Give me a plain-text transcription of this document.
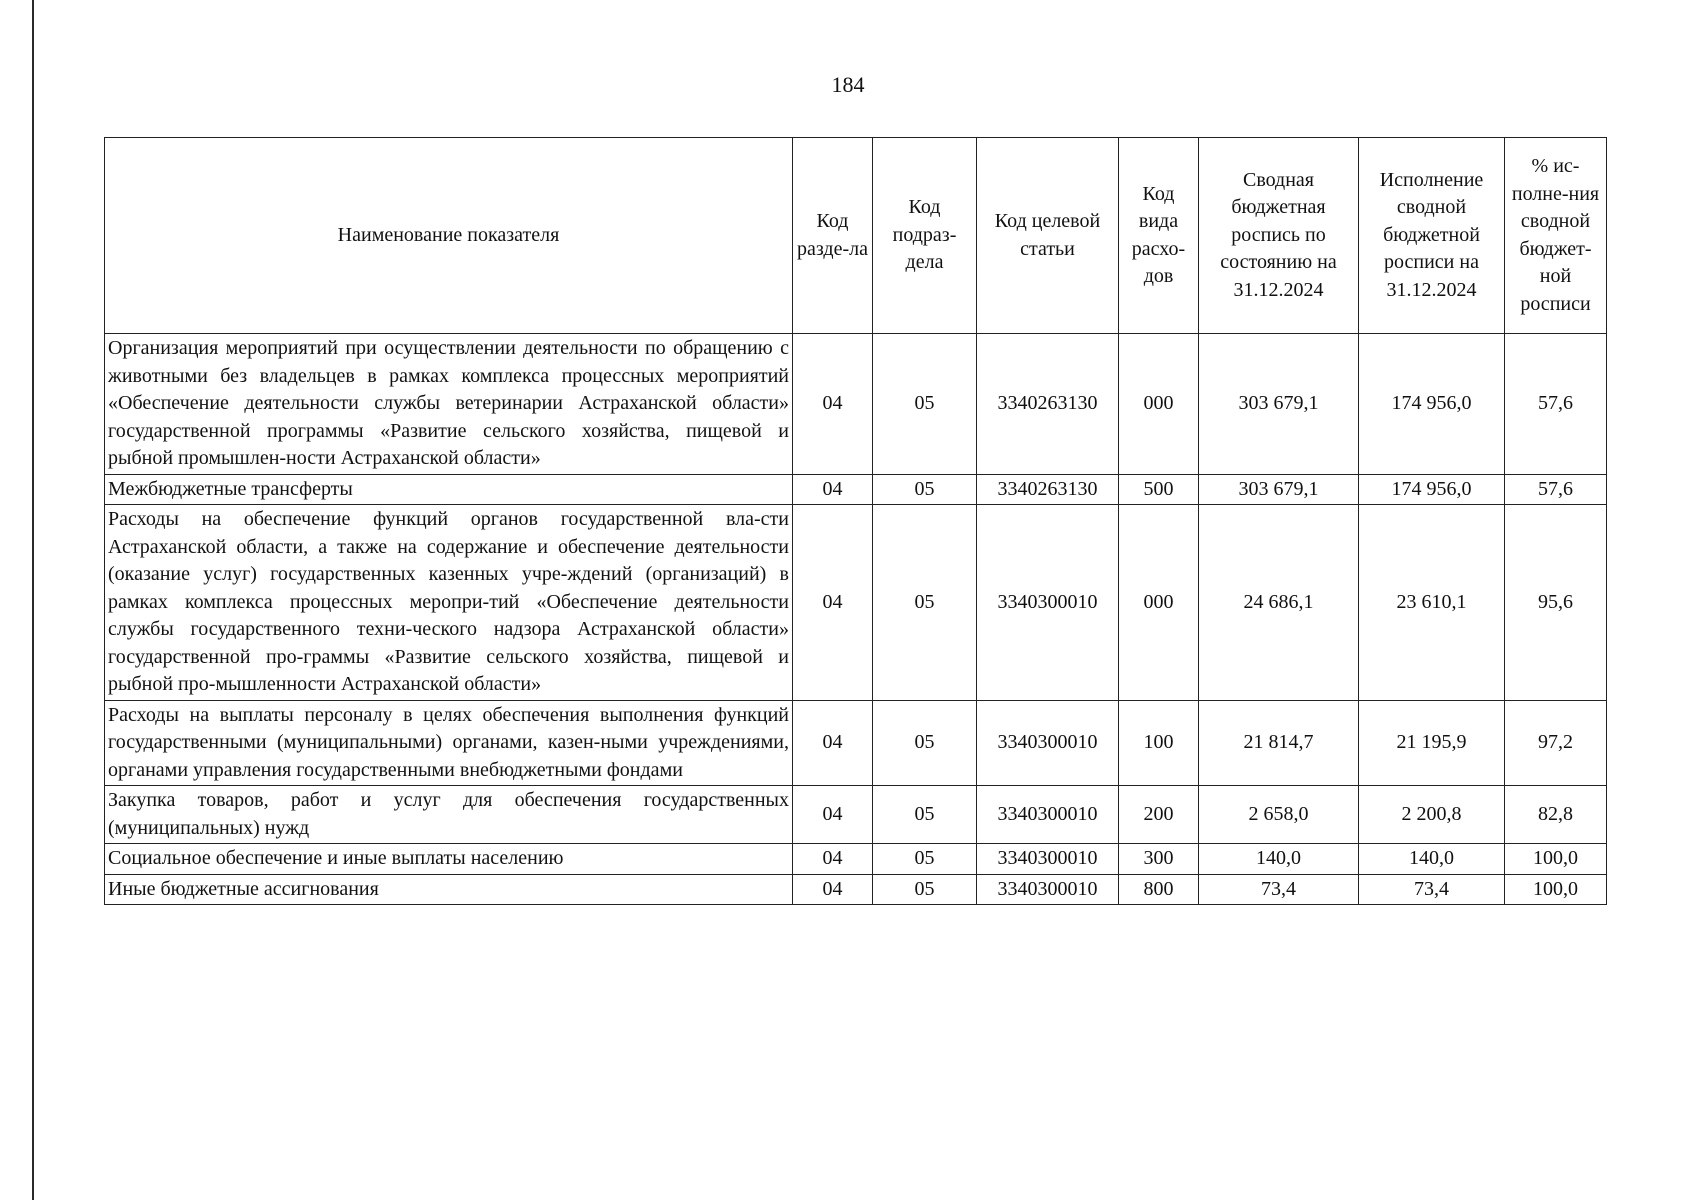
184
Наименование показателя	Код разде-ла	Код подраз-дела	Код целевой статьи	Код вида расхо-дов	Сводная бюджетная роспись по состоянию на 31.12.2024	Исполнение сводной бюджетной росписи на 31.12.2024	% ис-полне-ния сводной бюджет-ной росписи
Организация мероприятий при осуществлении деятельности по обращению с животными без владельцев в рамках комплекса процессных мероприятий «Обеспечение деятельности службы ветеринарии Астраханской области» государственной программы «Развитие сельского хозяйства, пищевой и рыбной промышлен-ности Астраханской области»	04	05	3340263130	000	303 679,1	174 956,0	57,6
Межбюджетные трансферты	04	05	3340263130	500	303 679,1	174 956,0	57,6
Расходы на обеспечение функций органов государственной вла-сти Астраханской области, а также на содержание и обеспечение деятельности (оказание услуг) государственных казенных учре-ждений (организаций) в рамках комплекса процессных меропри-тий «Обеспечение деятельности службы государственного техни-ческого надзора Астраханской области» государственной про-граммы «Развитие сельского хозяйства, пищевой и рыбной про-мышленности Астраханской области»	04	05	3340300010	000	24 686,1	23 610,1	95,6
Расходы на выплаты персоналу в целях обеспечения выполнения функций государственными (муниципальными) органами, казен-ными учреждениями, органами управления государственными внебюджетными фондами	04	05	3340300010	100	21 814,7	21 195,9	97,2
Закупка товаров, работ и услуг для обеспечения государственных (муниципальных) нужд	04	05	3340300010	200	2 658,0	2 200,8	82,8
Социальное обеспечение и иные выплаты населению	04	05	3340300010	300	140,0	140,0	100,0
Иные бюджетные ассигнования	04	05	3340300010	800	73,4	73,4	100,0
